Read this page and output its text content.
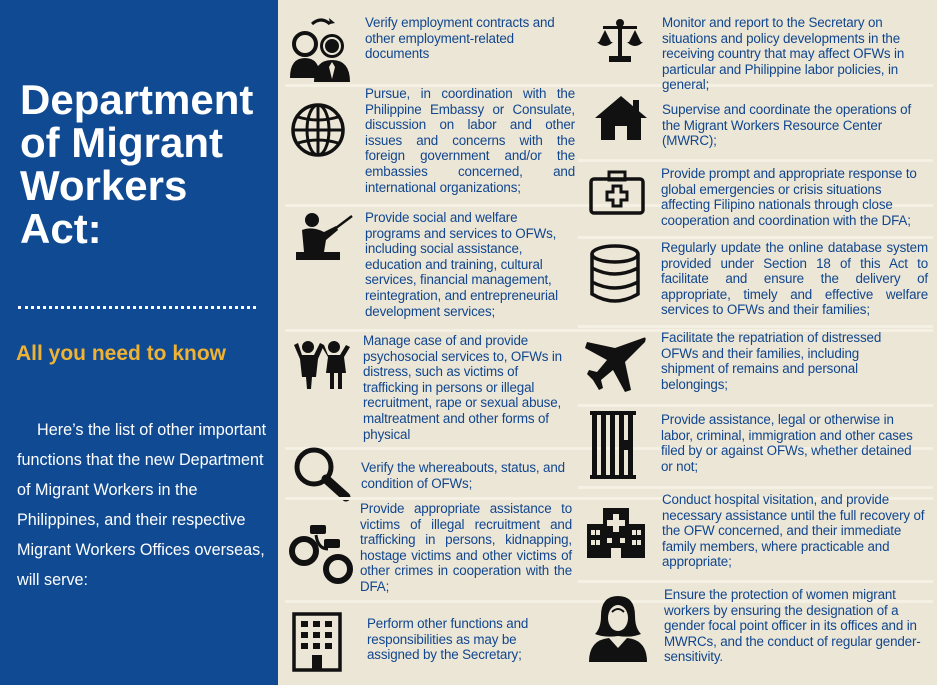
Department of Migrant Workers Act:
All you need to know

Here’s the list of other important functions that the new Department of Migrant Workers in the Philippines, and their respective Migrant Workers Offices overseas, will serve:

Verify employment contracts and other employment-related documents
Pursue, in coordination with the Philippine Embassy or Consulate, discussion on labor and other issues and concerns with the foreign government and/or the embassies concerned, and international organizations;
Provide social and welfare programs and services to OFWs, including social assistance, education and training, cultural services, financial management, reintegration, and entrepreneurial development services;
Manage case of and provide psychosocial services to, OFWs in distress, such as victims of trafficking in persons or illegal recruitment, rape or sexual abuse, maltreatment and other forms of physical
Verify the whereabouts, status, and condition of OFWs;
Provide appropriate assistance to victims of illegal recruitment and trafficking in persons, kidnapping, hostage victims and other victims of other crimes in cooperation with the DFA;
Perform other functions and responsibilities as may be assigned by the Secretary;
Monitor and report to the Secretary on situations and policy developments in the receiving country that may affect OFWs in particular and Philippine labor policies, in general;
Supervise and coordinate the operations of the Migrant Workers Resource Center (MWRC);
Provide prompt and appropriate response to global emergencies or crisis situations affecting Filipino nationals through close cooperation and coordination with the DFA;
Regularly update the online database system provided under Section 18 of this Act to facilitate and ensure the delivery of appropriate, timely and effective welfare services to OFWs and their families;
Facilitate the repatriation of distressed OFWs and their families, including shipment of remains and personal belongings;
Provide assistance, legal or otherwise in labor, criminal, immigration and other cases filed by or against OFWs, whether detained or not;
Conduct hospital visitation, and provide necessary assistance until the full recovery of the OFW concerned, and their immediate family members, where practicable and appropriate;
Ensure the protection of women migrant workers by ensuring the designation of a gender focal point officer in its offices and in MWRCs, and the conduct of regular gender-sensitivity.
